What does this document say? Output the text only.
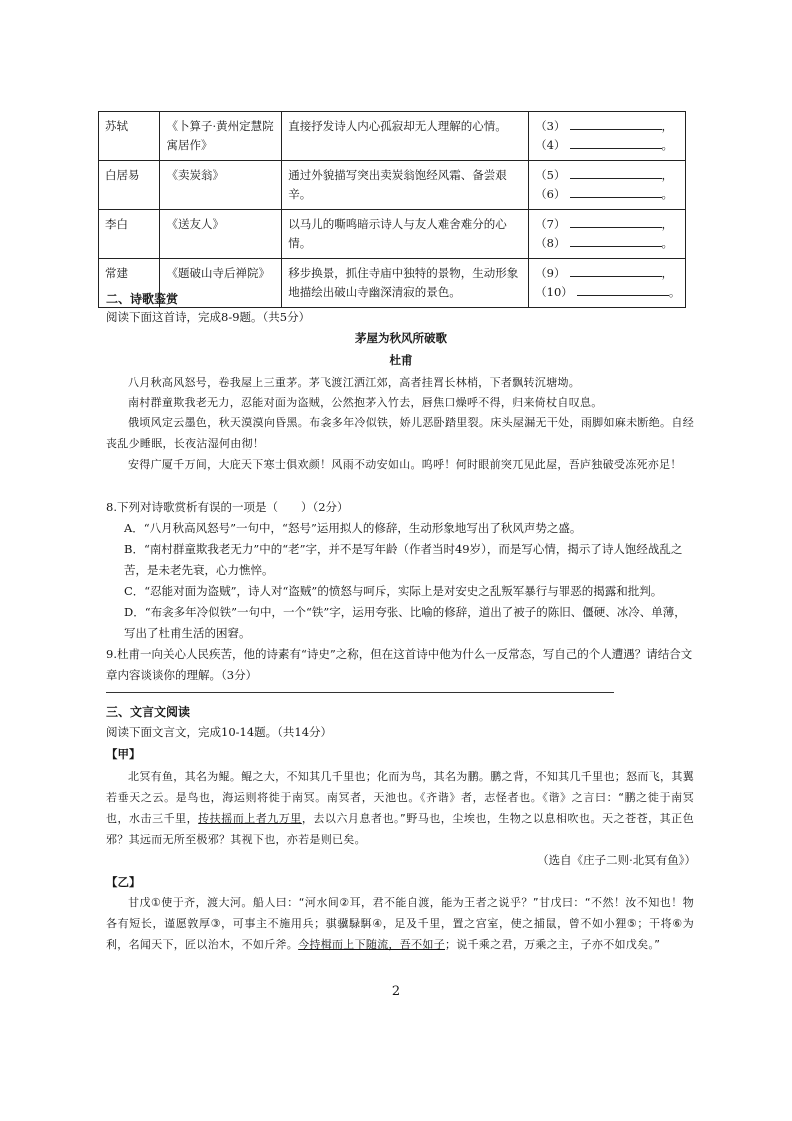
苏轼	《卜算子·黄州定慧院寓居作》	直接抒发诗人内心孤寂却无人理解的心情。	（3） ，
（4） 。

白居易	《卖炭翁》	通过外貌描写突出卖炭翁饱经风霜、备尝艰辛。	（5） ，
（6） 。

李白	《送友人》	以马儿的嘶鸣暗示诗人与友人难舍难分的心情。	（7） ，
（8） 。

常建	《题破山寺后禅院》	移步换景，抓住寺庙中独特的景物，生动形象地描绘出破山寺幽深清寂的景色。	（9） ，
（10） 。
二、诗歌鉴赏
阅读下面这首诗，完成8-9题。（共5分）
茅屋为秋风所破歌
杜甫
八月秋高风怒号，卷我屋上三重茅。茅飞渡江洒江郊，高者挂罥长林梢，下者飘转沉塘坳。
南村群童欺我老无力，忍能对面为盗贼，公然抱茅入竹去，唇焦口燥呼不得，归来倚杖自叹息。
俄顷风定云墨色，秋天漠漠向昏黑。布衾多年冷似铁，娇儿恶卧踏里裂。床头屋漏无干处，雨脚如麻未断绝。自经丧乱少睡眠，长夜沾湿何由彻！
安得广厦千万间，大庇天下寒士俱欢颜！风雨不动安如山。呜呼！何时眼前突兀见此屋，吾庐独破受冻死亦足！
8.下列对诗歌赏析有误的一项是（　　）（2分）
A．“八月秋高风怒号”一句中，“怒号”运用拟人的修辞，生动形象地写出了秋风声势之盛。
B．“南村群童欺我老无力”中的“老”字，并不是写年龄（作者当时49岁），而是写心情，揭示了诗人饱经战乱之苦，是未老先衰，心力憔悴。
C．“忍能对面为盗贼”，诗人对“盗贼”的愤怒与呵斥，实际上是对安史之乱叛军暴行与罪恶的揭露和批判。
D．“布衾多年冷似铁”一句中，一个“铁”字，运用夸张、比喻的修辞，道出了被子的陈旧、僵硬、冰冷、单薄，写出了杜甫生活的困窘。
9.杜甫一向关心人民疾苦，他的诗素有“诗史”之称，但在这首诗中他为什么一反常态，写自己的个人遭遇？请结合文章内容谈谈你的理解。（3分）
三、文言文阅读
阅读下面文言文，完成10-14题。（共14分）
【甲】
北冥有鱼，其名为鲲。鲲之大，不知其几千里也；化而为鸟，其名为鹏。鹏之背，不知其几千里也；怒而飞，其翼若垂天之云。是鸟也，海运则将徙于南冥。南冥者，天池也。《齐谐》者，志怪者也。《谐》之言曰：“鹏之徙于南冥也，水击三千里，抟扶摇而上者九万里，去以六月息者也。”野马也，尘埃也，生物之以息相吹也。天之苍苍，其正色邪？其远而无所至极邪？其视下也，亦若是则已矣。
（选自《庄子二则·北冥有鱼》）
【乙】
甘戊①使于齐，渡大河。船人曰：“河水间②耳，君不能自渡，能为王者之说乎？”甘戊曰：“不然！汝不知也！物各有短长，谨愿敦厚③，可事主不施用兵；骐骥騄駬④，足及千里，置之宫室，使之捕鼠，曾不如小狸⑤；干将⑥为利，名闻天下，匠以治木，不如斤斧。今持楫而上下随流，吾不如子；说千乘之君，万乘之主，子亦不如戊矣。”
2
